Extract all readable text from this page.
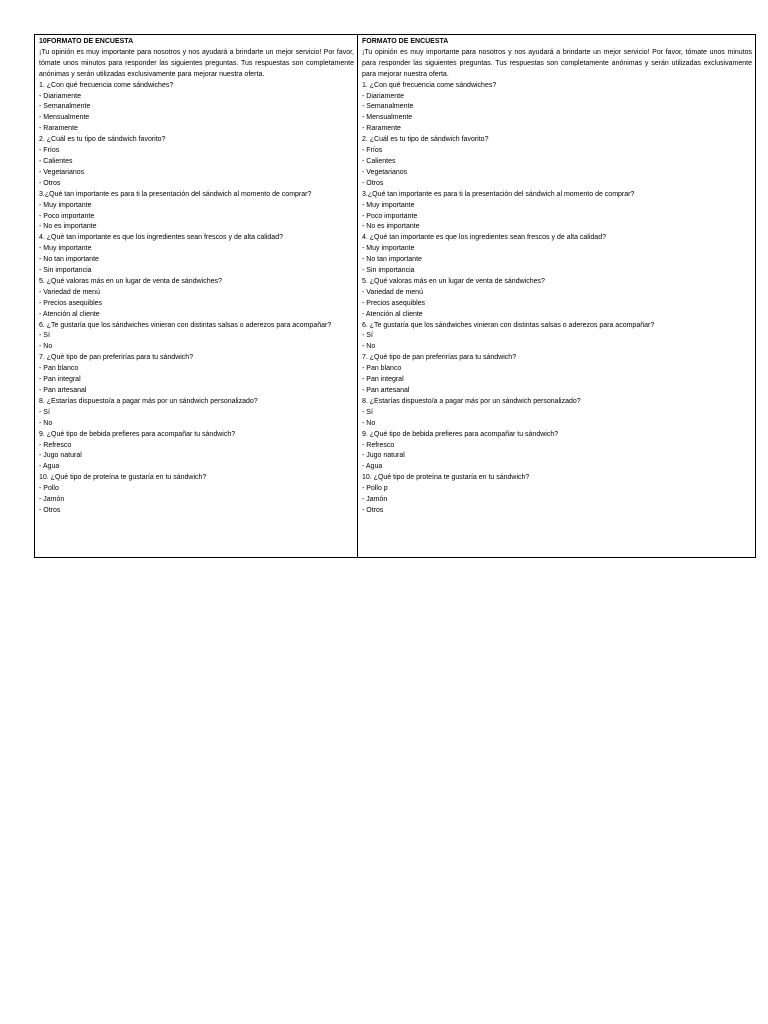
10FORMATO DE ENCUESTA
¡Tu opinión es muy importante para nosotros y nos ayudará a brindarte un mejor servicio! Por favor, tómate unos minutos para responder las siguientes preguntas. Tus respuestas son completamente anónimas y serán utilizadas exclusivamente para mejorar nuestra oferta.
1. ¿Con qué frecuencia come sándwiches?
- Diariamente
- Semanalmente
- Mensualmente
- Raramente
2. ¿Cuál es tu tipo de sándwich favorito?
- Fríos
- Calientes
- Vegetarianos
- Otros
3.¿Qué tan importante es para ti la presentación del sándwich al momento de comprar?
- Muy importante
- Poco importante
- No es importante
4. ¿Qué tan importante es que los ingredientes sean frescos y de alta calidad?
- Muy importante
- No tan importante
- Sin importancia
5. ¿Qué valoras más en un lugar de venta de sándwiches?
- Variedad de menú
- Precios asequibles
- Atención al cliente
6. ¿Te gustaría que los sándwiches vinieran con distintas salsas o aderezos para acompañar?
- Sí
- No
7. ¿Qué tipo de pan preferirías para tu sándwich?
- Pan blanco
- Pan integral
- Pan artesanal
8. ¿Estarías dispuesto/a a pagar más por un sándwich personalizado?
- Sí
- No
9. ¿Qué tipo de bebida prefieres para acompañar tu sándwich?
- Refresco
- Jugo natural
- Agua
10. ¿Qué tipo de proteína te gustaría en tu sándwich?
- Pollo
- Jamón
- Otros
FORMATO DE ENCUESTA
¡Tu opinión es muy importante para nosotros y nos ayudará a brindarte un mejor servicio! Por favor, tómate unos minutos para responder las siguientes preguntas. Tus respuestas son completamente anónimas y serán utilizadas exclusivamente para mejorar nuestra oferta.
1. ¿Con qué frecuencia come sándwiches?
- Diariamente
- Semanalmente
- Mensualmente
- Raramente
2. ¿Cuál es tu tipo de sándwich favorito?
- Fríos
- Calientes
- Vegetarianos
- Otros
3.¿Qué tan importante es para ti la presentación del sándwich al momento de comprar?
- Muy importante
- Poco importante
- No es importante
4. ¿Qué tan importante es que los ingredientes sean frescos y de alta calidad?
- Muy importante
- No tan importante
- Sin importancia
5. ¿Qué valoras más en un lugar de venta de sándwiches?
- Variedad de menú
- Precios asequibles
- Atención al cliente
6. ¿Te gustaría que los sándwiches vinieran con distintas salsas o aderezos para acompañar?
- Sí
- No
7. ¿Qué tipo de pan preferirías para tu sándwich?
- Pan blanco
- Pan integral
- Pan artesanal
8. ¿Estarías dispuesto/a a pagar más por un sándwich personalizado?
- Sí
- No
9. ¿Qué tipo de bebida prefieres para acompañar tu sándwich?
- Refresco
- Jugo natural
- Agua
10. ¿Qué tipo de proteína te gustaría en tu sándwich?
- Pollo p
- Jamón
- Otros
